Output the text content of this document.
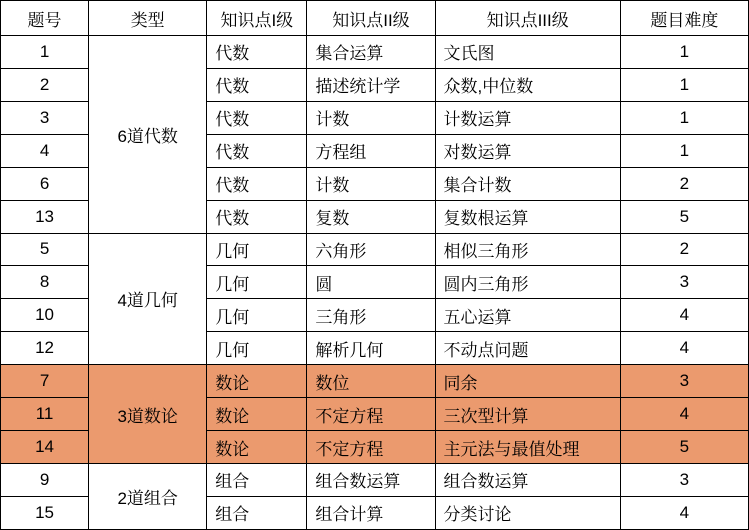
题号	类型	知识点I级	知识点II级	知识点III级	题目难度
1	6道代数	代数	集合运算	文氏图	1
2		代数	描述统计学	众数,中位数	1
3		代数	计数	计数运算	1
4		代数	方程组	对数运算	1
6		代数	计数	集合计数	2
13		代数	复数	复数根运算	5
5	4道几何	几何	六角形	相似三角形	2
8		几何	圆	圆内三角形	3
10		几何	三角形	五心运算	4
12		几何	解析几何	不动点问题	4
7	3道数论	数论	数位	同余	3
11		数论	不定方程	三次型计算	4
14		数论	不定方程	主元法与最值处理	5
9	2道组合	组合	组合数运算	组合数运算	3
15		组合	组合计算	分类讨论	4
